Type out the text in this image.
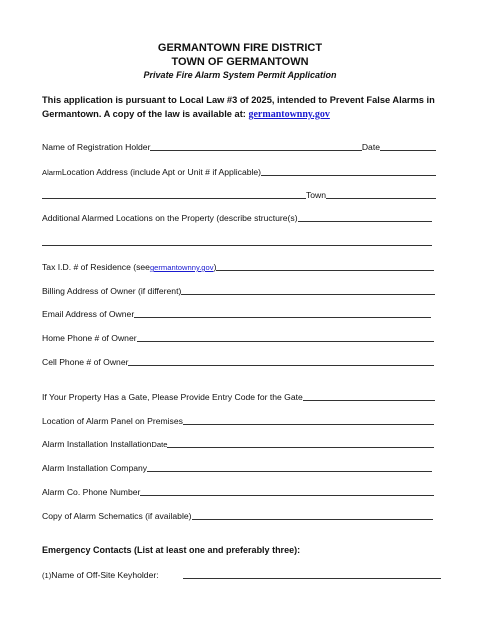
GERMANTOWN FIRE DISTRICT
TOWN OF GERMANTOWN
Private Fire Alarm System Permit Application
This application is pursuant to Local Law #3 of 2025, intended to Prevent False Alarms in Germantown. A copy of the law is available at: germantownny.gov
Name of Registration Holder	Date
Alarm Location Address (include Apt or Unit # if Applicable)
Town
Additional Alarmed Locations on the Property (describe structure(s)
Tax I.D. # of Residence (see germantownny.gov )
Billing Address of Owner (if different)
Email Address of Owner
Home Phone # of Owner
Cell Phone # of Owner
If Your Property Has a Gate, Please Provide Entry Code for the Gate
Location of Alarm Panel on Premises
Alarm Installation Installation Date
Alarm Installation Company
Alarm Co. Phone Number
Copy of Alarm Schematics (if available)
Emergency Contacts (List at least one and preferably three):
(1) Name of Off-Site Keyholder:
